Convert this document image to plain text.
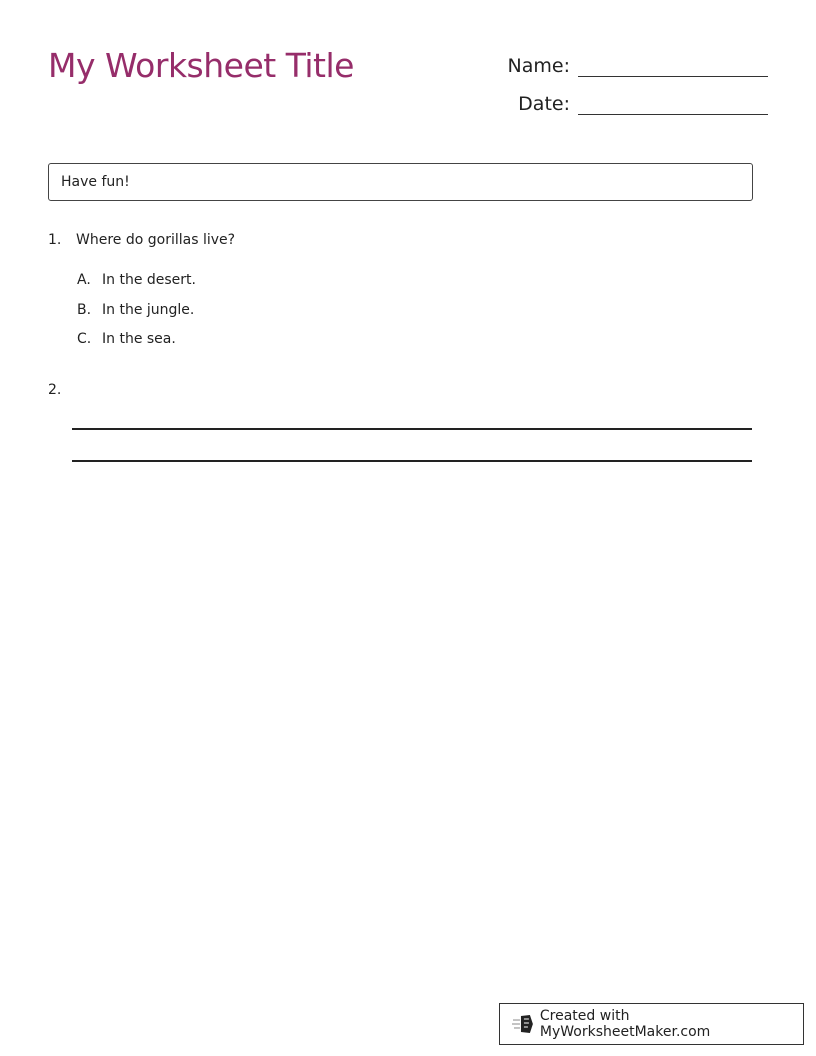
My Worksheet Title	Name:
Date:
Have fun!
1. Where do gorillas live?
A. In the desert.
B. In the jungle.
C. In the sea.
2.
Created with MyWorksheetMaker.com
